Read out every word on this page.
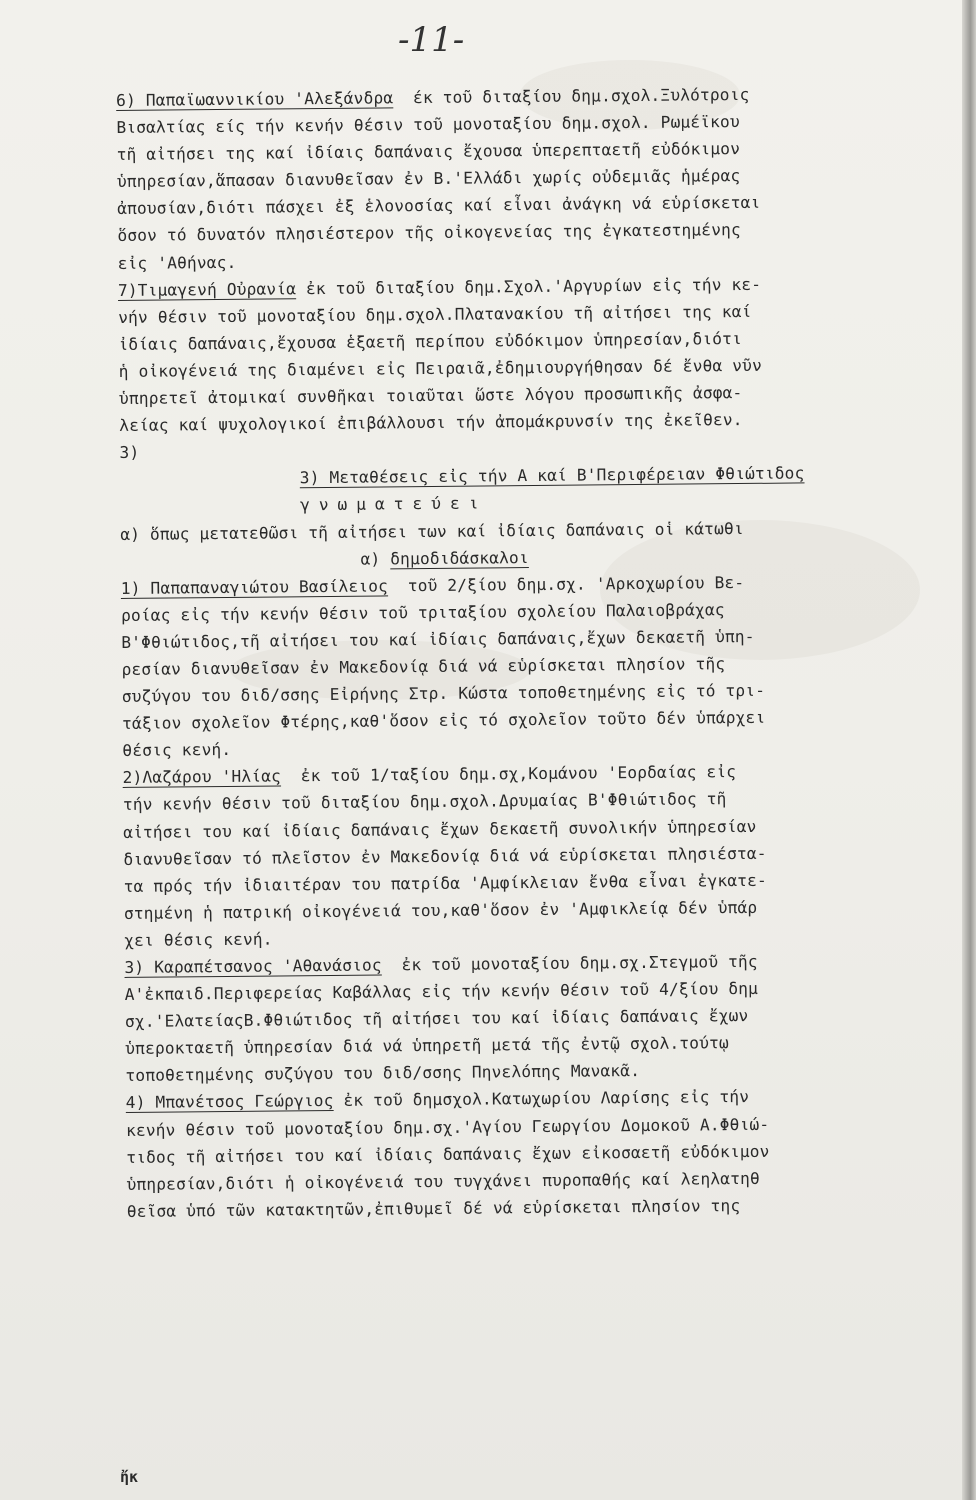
-11-
6) Παπαϊωαννικίου 'Αλεξάνδρα  έκ τοῦ διταξίου δημ.σχολ.Ξυλότροις
Βισαλτίας είς τήν κενήν θέσιν τοῦ μονοταξίου δημ.σχολ. Ρωμέϊκου
τῆ αἰτήσει της καί ἰδίαις δαπάναις ἔχουσα ὑπερεπταετῆ εὐδόκιμον
ὑπηρεσίαν,ἅπασαν διανυθεῖσαν ἐν Β.'Ελλάδι χωρίς οὐδεμιᾶς ἡμέρας
ἀπουσίαν,διότι πάσχει ἐξ ἑλονοσίας καί εἶναι ἀνάγκη νά εὑρίσκεται
ὅσον τό δυνατόν πλησιέστερον τῆς οἰκογενείας της ἐγκατεστημένης
εἰς 'Αθήνας.
7)Τιμαγενή Οὐρανία ἐκ τοῦ διταξίου δημ.Σχολ.'Αργυρίων εἰς τήν κε-
νήν θέσιν τοῦ μονοταξίου δημ.σχολ.Πλατανακίου τῆ αἰτήσει της καί
ἰδίαις δαπάναις,ἔχουσα ἑξαετῆ περίπου εὐδόκιμον ὑπηρεσίαν,διότι
ἡ οἰκογένειά της διαμένει εἰς Πειραιᾶ,ἐδημιουργήθησαν δέ ἔνθα νῦν
ὑπηρετεῖ ἀτομικαί συνθῆκαι τοιαῦται ὥστε λόγου προσωπικῆς ἀσφα-
λείας καί ψυχολογικοί ἐπιβάλλουσι τήν ἀπομάκρυνσίν της ἐκεῖθεν.
3)
3) Μεταθέσεις εἰς τήν Α καί Β'Περιφέρειαν Φθιώτιδος
γνωματεύει
α) ὅπως μετατεθῶσι τῆ αἰτήσει των καί ἰδίαις δαπάναις οἱ κάτωθι
α) δημοδιδάσκαλοι
1) Παπαπαναγιώτου Βασίλειος  τοῦ 2/ξίου δημ.σχ. 'Αρκοχωρίου Βε-
ροίας εἰς τήν κενήν θέσιν τοῦ τριταξίου σχολείου Παλαιοβράχας
Β'Φθιώτιδος,τῆ αἰτήσει του καί ἰδίαις δαπάναις,ἔχων δεκαετῆ ὑπη-
ρεσίαν διανυθεῖσαν ἐν Μακεδονίᾳ διά νά εὑρίσκεται πλησίον τῆς
συζύγου του διδ/σσης Εἰρήνης Στρ. Κώστα τοποθετημένης εἰς τό τρι-
τάξιον σχολεῖον Φτέρης,καθ'ὅσον εἰς τό σχολεῖον τοῦτο δέν ὑπάρχει
θέσις κενή.
2)Λαζάρου 'Ηλίας  ἐκ τοῦ 1/ταξίου δημ.σχ,Κομάνου 'Εορδαίας εἰς
τήν κενήν θέσιν τοῦ διταξίου δημ.σχολ.Δρυμαίας Β'Φθιώτιδος τῆ
αἰτήσει του καί ἰδίαις δαπάναις ἔχων δεκαετῆ συνολικήν ὑπηρεσίαν
διανυθεῖσαν τό πλεῖστον ἐν Μακεδονίᾳ διά νά εὑρίσκεται πλησιέστα-
τα πρός τήν ἰδιαιτέραν του πατρίδα 'Αμφίκλειαν ἔνθα εἶναι ἐγκατε-
στημένη ἡ πατρική οἰκογένειά του,καθ'ὅσον ἐν 'Αμφικλείᾳ δέν ὑπάρ
χει θέσις κενή.
3) Καραπέτσανος 'Αθανάσιος  ἐκ τοῦ μονοταξίου δημ.σχ.Στεγμοῦ τῆς
Α'ἐκπαιδ.Περιφερείας Καβάλλας εἰς τήν κενήν θέσιν τοῦ 4/ξίου δημ
σχ.'ΕλατείαςΒ.Φθιώτιδος τῆ αἰτήσει του καί ἰδίαις δαπάναις ἔχων
ὑπεροκταετῆ ὑπηρεσίαν διά νά ὑπηρετῆ μετά τῆς ἐντῷ σχολ.τούτῳ
τοποθετημένης συζύγου του διδ/σσης Πηνελόπης Μανακᾶ.
4) Μπανέτσος Γεώργιος ἐκ τοῦ δημσχολ.Κατωχωρίου Λαρίσης εἰς τήν
κενήν θέσιν τοῦ μονοταξίου δημ.σχ.'Αγίου Γεωργίου Δομοκοῦ Α.Φθιώ-
τιδος τῆ αἰτήσει του καί ἰδίαις δαπάναις ἔχων εἰκοσαετῆ εὐδόκιμον
ὑπηρεσίαν,διότι ἡ οἰκογένειά του τυγχάνει πυροπαθής καί λεηλατηθ
θεῖσα ὑπό τῶν κατακτητῶν,ἐπιθυμεῖ δέ νά εὑρίσκεται πλησίον της
ἤκ
